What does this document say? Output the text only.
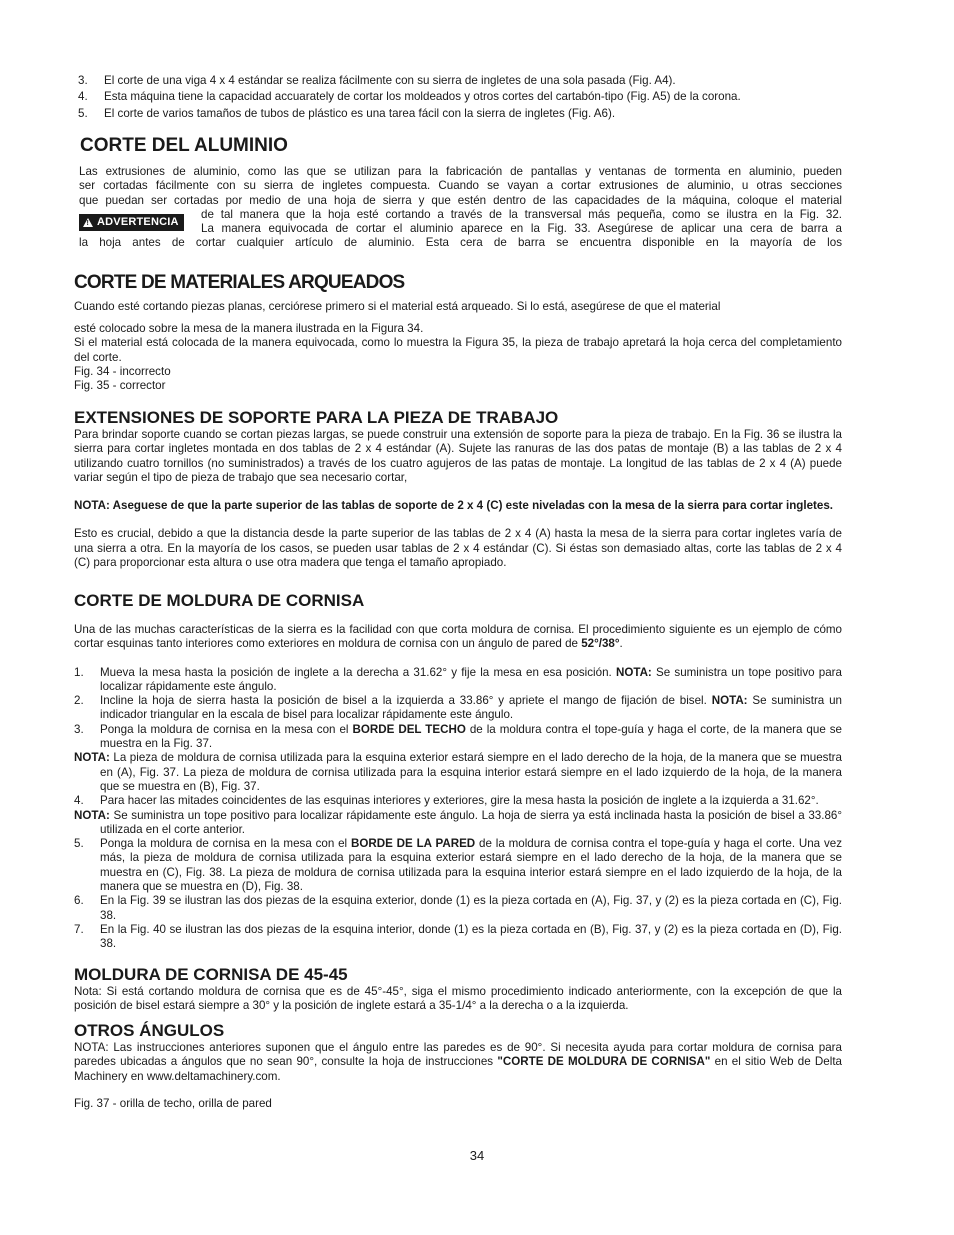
3.	El corte de una viga 4 x 4 estándar se realiza fácilmente con su sierra de ingletes de una sola pasada (Fig. A4).
4.	Esta máquina tiene la capacidad accuarately de cortar los moldeados y otros cortes del cartabón-tipo (Fig. A5) de la corona.
5.	El corte de varios tamaños de tubos de plástico es una tarea fácil con la sierra de ingletes (Fig. A6).
CORTE DEL ALUMINIO

Las extrusiones de aluminio, como las que se utilizan para la fabricación de pantallas y ventanas de tormenta en aluminio, pueden

ser cortadas fácilmente con su sierra de ingletes compuesta. Cuando se vayan a cortar extrusiones de aluminio, u otras secciones

que puedan ser cortadas por medio de una hoja de sierra y que estén dentro de las capacidades de la máquina, coloque el material

! ADVERTENCIA

de tal manera que la hoja esté cortando a través de la transversal más pequeña, como se ilustra en la Fig. 32.

La manera equivocada de cortar el aluminio aparece en la Fig. 33. Asegúrese de aplicar una cera de barra a

la hoja antes de cortar cualquier artículo de aluminio. Esta cera de barra se encuentra disponible en la mayoría de los

CORTE DE MATERIALES ARQUEADOS

Cuando esté cortando piezas planas, cerciórese primero si el material está arqueado. Si lo está, asegúrese de que el material

esté colocado sobre la mesa de la manera ilustrada en la Figura 34.

Si el material está colocada de la manera equivocada, como lo muestra la Figura 35, la pieza de trabajo apretará la hoja cerca del completamiento del corte.

Fig. 34 - incorrecto

Fig. 35 - corrector

EXTENSIONES DE SOPORTE PARA LA PIEZA DE TRABAJO

Para brindar soporte cuando se cortan piezas largas, se puede construir una extensión de soporte para la pieza de trabajo. En la Fig. 36 se ilustra la sierra para cortar ingletes montada en dos tablas de 2 x 4 estándar (A). Sujete las ranuras de las dos patas de montaje (B) a las tablas de 2 x 4 utilizando cuatro tornillos (no suministrados) a través de los cuatro agujeros de las patas de montaje. La longitud de las tablas de 2 x 4 (A) puede variar según el tipo de pieza de trabajo que sea necesario cortar,

NOTA: Aseguese de que la parte superior de las tablas de soporte de 2 x 4 (C) este niveladas con la mesa de la sierra para cortar ingletes.

Esto es crucial, debido a que la distancia desde la parte superior de las tablas de 2 x 4 (A) hasta la mesa de la sierra para cortar ingletes varía de una sierra a otra. En la mayoría de los casos, se pueden usar tablas de 2 x 4 estándar (C). Si éstas son demasiado altas, corte las tablas de 2 x 4 (C) para proporcionar esta altura o use otra madera que tenga el tamaño apropiado.

CORTE DE MOLDURA DE CORNISA

Una de las muchas características de la sierra es la facilidad con que corta moldura de cornisa. El procedimiento siguiente es un ejemplo de cómo cortar esquinas tanto interiores como exteriores en moldura de cornisa con un ángulo de pared de 52°/38°.

1.	Mueva la mesa hasta la posición de inglete a la derecha a 31.62° y fije la mesa en esa posición. NOTA: Se suministra un tope positivo para localizar rápidamente este ángulo.
2.	Incline la hoja de sierra hasta la posición de bisel a la izquierda a 33.86° y apriete el mango de fijación de bisel. NOTA: Se suministra un indicador triangular en la escala de bisel para localizar rápidamente este ángulo.
3.	Ponga la moldura de cornisa en la mesa con el BORDE DEL TECHO de la moldura contra el tope-guía y haga el corte, de la manera que se muestra en la Fig. 37.
NOTA: La pieza de moldura de cornisa utilizada para la esquina exterior estará siempre en el lado derecho de la hoja, de la manera que se muestra en (A), Fig. 37. La pieza de moldura de cornisa utilizada para la esquina interior estará siempre en el lado izquierdo de la hoja, de la manera que se muestra en (B), Fig. 37.
4.	Para hacer las mitades coincidentes de las esquinas interiores y exteriores, gire la mesa hasta la posición de inglete a la izquierda a 31.62°.
NOTA: Se suministra un tope positivo para localizar rápidamente este ángulo. La hoja de sierra ya está inclinada hasta la posición de bisel a 33.86° utilizada en el corte anterior.
5.	Ponga la moldura de cornisa en la mesa con el BORDE DE LA PARED de la moldura de cornisa contra el tope-guía y haga el corte. Una vez más, la pieza de moldura de cornisa utilizada para la esquina exterior estará siempre en el lado derecho de la hoja, de la manera que se muestra en (C), Fig. 38. La pieza de moldura de cornisa utilizada para la esquina interior estará siempre en el lado izquierdo de la hoja, de la manera que se muestra en (D), Fig. 38.
6.	En la Fig. 39 se ilustran las dos piezas de la esquina exterior, donde (1) es la pieza cortada en (A), Fig. 37, y (2) es la pieza cortada en (C), Fig. 38.
7.	En la Fig. 40 se ilustran las dos piezas de la esquina interior, donde (1) es la pieza cortada en (B), Fig. 37, y (2) es la pieza cortada en (D), Fig. 38.
MOLDURA DE CORNISA DE 45-45

Nota: Si está cortando moldura de cornisa que es de 45°-45°, siga el mismo procedimiento indicado anteriormente, con la excepción de que la posición de bisel estará siempre a 30° y la posición de inglete estará a 35-1/4° a la derecha o a la izquierda.

OTROS ÁNGULOS

NOTA: Las instrucciones anteriores suponen que el ángulo entre las paredes es de 90°. Si necesita ayuda para cortar moldura de cornisa para paredes ubicadas a ángulos que no sean 90°, consulte la hoja de instrucciones "CORTE DE MOLDURA DE CORNISA" en el sitio Web de Delta Machinery en www.deltamachinery.com.

Fig. 37 - orilla de techo, orilla de pared

34
